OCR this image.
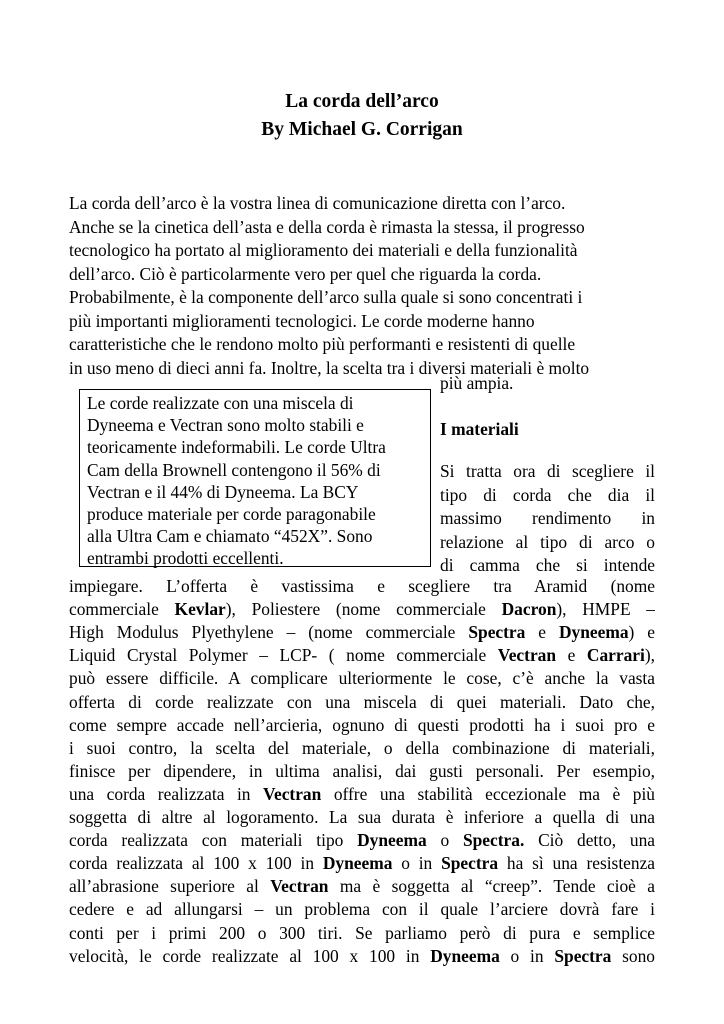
La corda dell’arco
By Michael G. Corrigan
La corda dell’arco è la vostra linea di comunicazione diretta con l’arco.
Anche se la cinetica dell’asta e della corda è rimasta la stessa, il progresso
tecnologico ha portato al miglioramento dei materiali e della funzionalità
dell’arco. Ciò è particolarmente vero per quel che riguarda la corda.
Probabilmente, è la componente dell’arco sulla quale si sono concentrati i
più importanti miglioramenti tecnologici. Le corde moderne hanno
caratteristiche che le rendono molto più performanti e resistenti di quelle
in uso meno di dieci anni fa. Inoltre, la scelta tra i diversi materiali è molto
più ampia.
Le corde realizzate con una miscela di
Dyneema e Vectran sono molto stabili e
teoricamente indeformabili. Le corde Ultra
Cam della Brownell contengono il 56% di
Vectran e il 44% di Dyneema. La BCY
produce materiale per corde paragonabile
alla Ultra Cam e chiamato “452X”. Sono
entrambi prodotti eccellenti.
I materiali
Si tratta ora di scegliere il
tipo di corda che dia il
massimo rendimento in
relazione al tipo di arco o
di camma che si intende
impiegare. L’offerta è vastissima e scegliere tra Aramid (nome
commerciale Kevlar), Poliestere (nome commerciale Dacron), HMPE –
High Modulus Plyethylene – (nome commerciale Spectra e Dyneema) e
Liquid Crystal Polymer – LCP- ( nome commerciale Vectran e Carrari),
può essere difficile. A complicare ulteriormente le cose, c’è anche la vasta
offerta di corde realizzate con una miscela di quei materiali. Dato che,
come sempre accade nell’arcieria, ognuno di questi prodotti ha i suoi pro e
i suoi contro, la scelta del materiale, o della combinazione di materiali,
finisce per dipendere, in ultima analisi, dai gusti personali. Per esempio,
una corda realizzata in Vectran offre una stabilità eccezionale ma è più
soggetta di altre al logoramento. La sua durata è inferiore a quella di una
corda realizzata con materiali tipo Dyneema o Spectra. Ciò detto, una
corda realizzata al 100 x 100 in Dyneema o in Spectra ha sì una resistenza
all’abrasione superiore al Vectran ma è soggetta al “creep”. Tende cioè a
cedere e ad allungarsi – un problema con il quale l’arciere dovrà fare i
conti per i primi 200 o 300 tiri. Se parliamo però di pura e semplice
velocità, le corde realizzate al 100 x 100 in Dyneema o in Spectra sono
